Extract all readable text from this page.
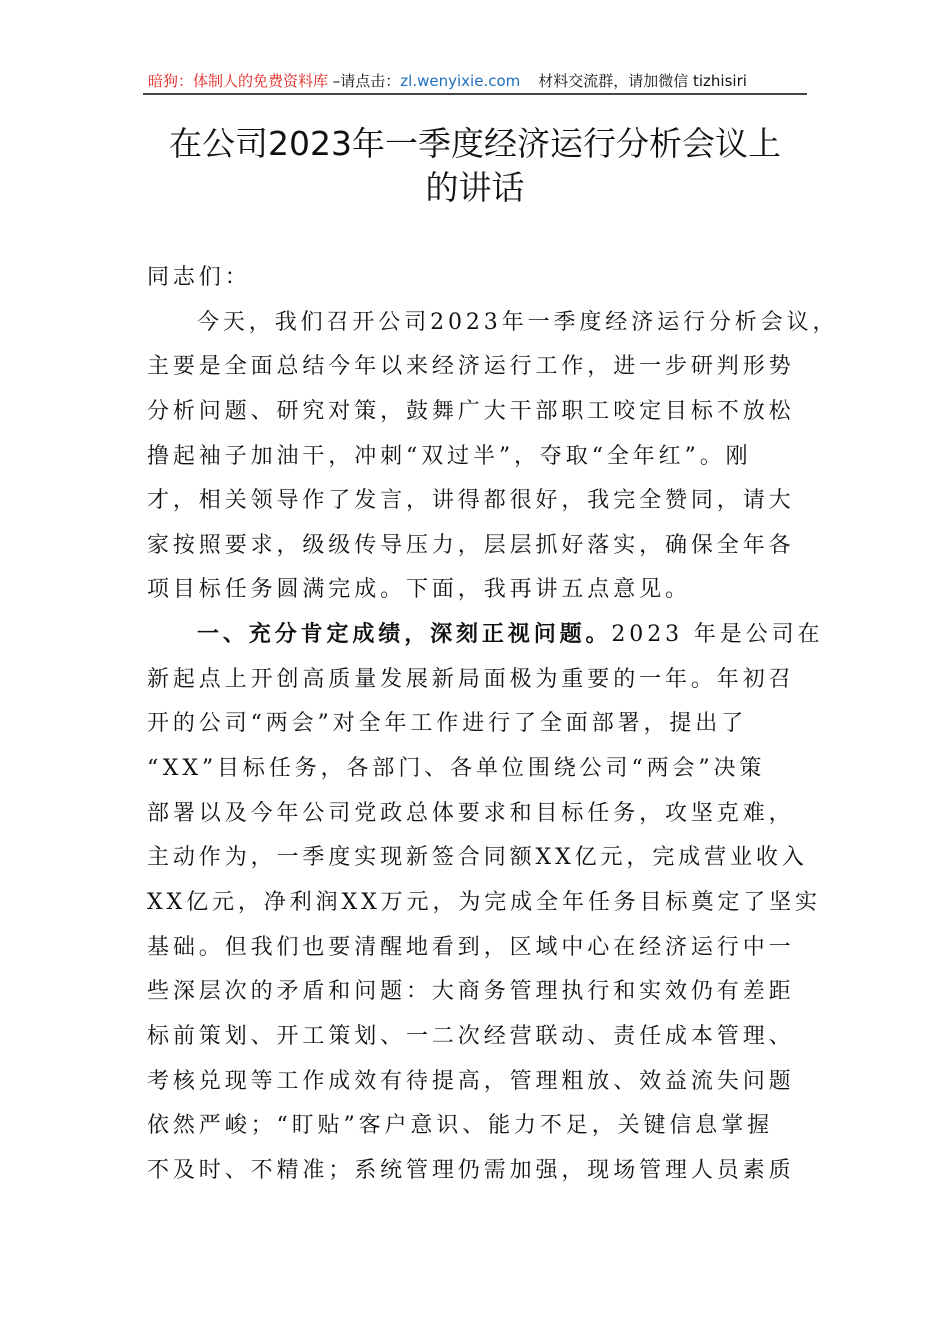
暗狗：体制人的免费资料库 –请点击：zl.wenyixie.com 材料交流群，请加微信 tizhisiri
在公司2023年一季度经济运行分析会议上
的讲话
同志们：
今天，我们召开公司2023年一季度经济运行分析会议，
主要是全面总结今年以来经济运行工作，进一步研判形势
分析问题、研究对策，鼓舞广大干部职工咬定目标不放松
撸起袖子加油干，冲刺“双过半”，夺取“全年红”。刚
才，相关领导作了发言，讲得都很好，我完全赞同，请大
家按照要求，级级传导压力，层层抓好落实，确保全年各
项目标任务圆满完成。下面，我再讲五点意见。
一、充分肯定成绩，深刻正视问题。2023 年是公司在
新起点上开创高质量发展新局面极为重要的一年。年初召
开的公司“两会”对全年工作进行了全面部署，提出了
“XX”目标任务，各部门、各单位围绕公司“两会”决策
部署以及今年公司党政总体要求和目标任务，攻坚克难，
主动作为，一季度实现新签合同额XX亿元，完成营业收入
XX亿元，净利润XX万元，为完成全年任务目标奠定了坚实
基础。但我们也要清醒地看到，区域中心在经济运行中一
些深层次的矛盾和问题：大商务管理执行和实效仍有差距
标前策划、开工策划、一二次经营联动、责任成本管理、
考核兑现等工作成效有待提高，管理粗放、效益流失问题
依然严峻；“盯贴”客户意识、能力不足，关键信息掌握
不及时、不精准；系统管理仍需加强，现场管理人员素质
